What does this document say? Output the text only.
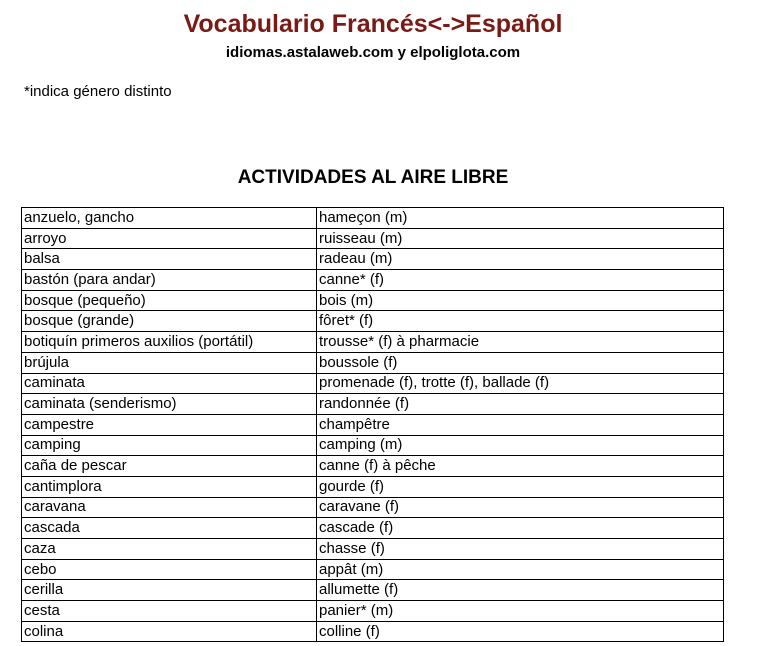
Vocabulario Francés<->Español
idiomas.astalaweb.com y elpoliglota.com
*indica género distinto
ACTIVIDADES AL AIRE LIBRE
anzuelo, gancho	hameçon (m)
arroyo	ruisseau (m)
balsa	radeau (m)
bastón (para andar)	canne* (f)
bosque (pequeño)	bois (m)
bosque (grande)	fôret* (f)
botiquín primeros auxilios (portátil)	trousse* (f) à pharmacie
brújula	boussole (f)
caminata	promenade (f), trotte (f), ballade (f)
caminata (senderismo)	randonnée (f)
campestre	champêtre
camping	camping (m)
caña de pescar	canne (f) à pêche
cantimplora	gourde (f)
caravana	caravane (f)
cascada	cascade (f)
caza	chasse (f)
cebo	appât (m)
cerilla	allumette (f)
cesta	panier* (m)
colina	colline (f)
